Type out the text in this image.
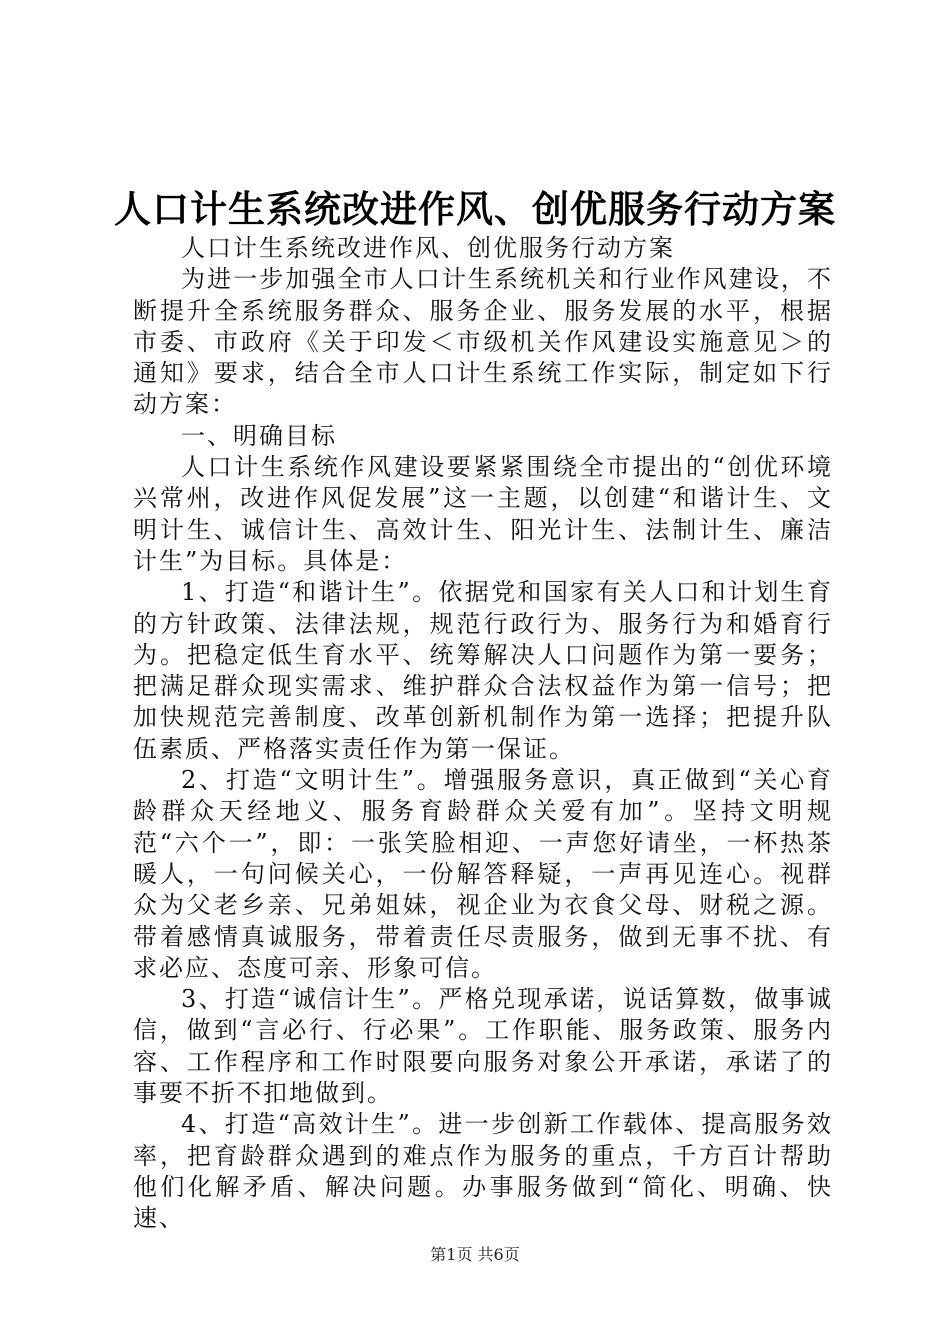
人口计生系统改进作风、创优服务行动方案

人口计生系统改进作风、创优服务行动方案

为进一步加强全市人口计生系统机关和行业作风建设，不断提升全系统服务群众、服务企业、服务发展的水平，根据市委、市政府《关于印发＜市级机关作风建设实施意见＞的通知》要求，结合全市人口计生系统工作实际，制定如下行动方案：

一、明确目标

人口计生系统作风建设要紧紧围绕全市提出的“创优环境兴常州，改进作风促发展”这一主题，以创建“和谐计生、文明计生、诚信计生、高效计生、阳光计生、法制计生、廉洁计生”为目标。具体是：

1、打造“和谐计生”。依据党和国家有关人口和计划生育的方针政策、法律法规，规范行政行为、服务行为和婚育行为。把稳定低生育水平、统筹解决人口问题作为第一要务；把满足群众现实需求、维护群众合法权益作为第一信号；把加快规范完善制度、改革创新机制作为第一选择；把提升队伍素质、严格落实责任作为第一保证。

2、打造“文明计生”。增强服务意识，真正做到“关心育龄群众天经地义、服务育龄群众关爱有加”。坚持文明规范“六个一”，即：一张笑脸相迎、一声您好请坐，一杯热茶暖人，一句问候关心，一份解答释疑，一声再见连心。视群众为父老乡亲、兄弟姐妹，视企业为衣食父母、财税之源。带着感情真诚服务，带着责任尽责服务，做到无事不扰、有求必应、态度可亲、形象可信。

3、打造“诚信计生”。严格兑现承诺，说话算数，做事诚信，做到“言必行、行必果”。工作职能、服务政策、服务内容、工作程序和工作时限要向服务对象公开承诺，承诺了的事要不折不扣地做到。

4、打造“高效计生”。进一步创新工作载体、提高服务效率，把育龄群众遇到的难点作为服务的重点，千方百计帮助他们化解矛盾、解决问题。办事服务做到“简化、明确、快速、

第1页 共6页
